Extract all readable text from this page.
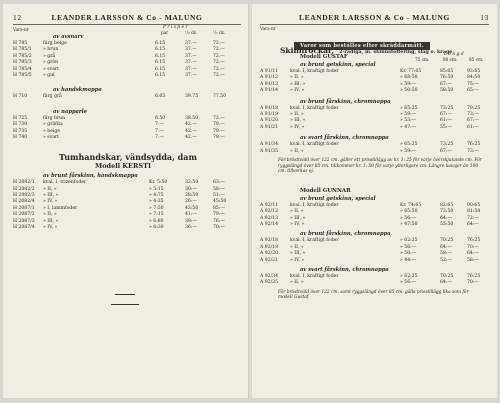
12	LEANDER LARSSON & Co - MALUNG
Vara-nr	P r i s p e r
par	¹/₂ dz.	¹/₁ dz.
av avsnarv
H 785	färg beige	6.15	37.—	72.—
H 785/1 » brun	6.15	37.—	72.—
H 785/2 » grå	6.15	37.—	72.—
H 785/3 » grön	6.15	37.—	72.—
H 785/4 » svart	6.15	37.—	72.—
H 785/5 » gul	6.15	37.—	72.—
av handskmappa
H 710	färg grå	6.65	39.75	77.50
av napparle
H 725	färg brun	6.50	38.50	72.—
H 730	» gräfita	7.—	42.—	79.—
H 735	» beige	7.—	42.—	79.—
H 740	» svart	7.—	42.—	79.—
Tumhandskar, vändsydda, dam
Modell KERSTI
av brunt fårskinn, handskmappa
H 2082/1 kval. I, trizenfoder	Kr. 5:50	32:50	63:—
H 2082/2 » II, »	» 5:15	30:—	58:—
H 2082/3 » III, »	» 4:75	28:50	51:—
H 2082/4 » IV, »	» 4:35	26:—	45:50
H 2087/1 » I, lammfoder	» 7:50	43:50	85:—
H 2087/2 » II, »	» 7:15	41:—	79:—
H 2087/3 » III, »	» 6:80	39:—	76:—
H 2087/4 » IV, »	» 6:30	36:—	70:—
LEANDER LARSSON & Co - MALUNG	13
Vara-nr
Varor som beställes efter skräddarmått.
Skinnrockar, 2-radiga, m. skinnstoffering, slag o. krage
Modell GUSTAF	L ä n g d
75 cm.	80 cm.	85 cm.
av brunt getskinn, special
A 91/11	kval. I, kraftigt foder	Kr. 77:65	85:65	93:65
A 91/12	» II, »	» 68:50	76:50	84:50
A 91/13	» III, »	» 59:—	67:—	75:—
A 91/14	» IV, »	» 50:50	58:50	65:—
av brunt fårskinn, chromnappa
A 91/18	kval. I, kraftigt foder	» 65:25	73:25	79:25
A 91/19	» II, »	» 59:—	67:—	73:—
A 91/20	» III, »	» 53:—	61:—	67:—
A 91/21	» IV, »	» 47:—	55:—	61:—
av svart fårskinn, chromnappa
A 91/34	kval. I, kraftigt foder	» 65:25	73:25	76:25
A 91/35	» II, »	» 59:—	67:—	73:—
För brösttvidd över 122 cm. gäller ett prisstillägg av kr. 1: 25 för varje överskjutande cm. För ryggslängd över 85 cm. tillkommer kr. 1: 50 för varje ytterligare cm. Längre kavajer än 100 cm. tillverkas ej.
Modell GUNNAR
av brunt getskinn, special
A 92/11	kval. I, kraftigt foder	Kr. 74:65	82:65	90:65
A 92/12	» II, »	» 65:50	73:50	81:50
A 92/13	» III, »	» 56:—	64:—	72:—
A 92/14	» IV, »	» 47:50	55:50	64:—
av brunt fårskinn, chromnappa
A 92/18	kval. I, kraftigt foder	» 62:25	70:25	76:25
A 92/19	» II, »	» 56:—	64:—	70:—
A 92/20	» III, »	» 50:—	58:—	64:—
A 92/21	» IV, »	» 44:—	52:—	58:—
av svart fårskinn, chromnappa
A 92/34	kval. I, kraftigt foder	» 62:25	70:25	76:25
A 92/35	» II, »	» 56:—	64:—	70:—
För brösttvidd över 122 cm. samt ryggslängd över 85 cm. gälla prisstillägg lika som för modell Gustaf.
